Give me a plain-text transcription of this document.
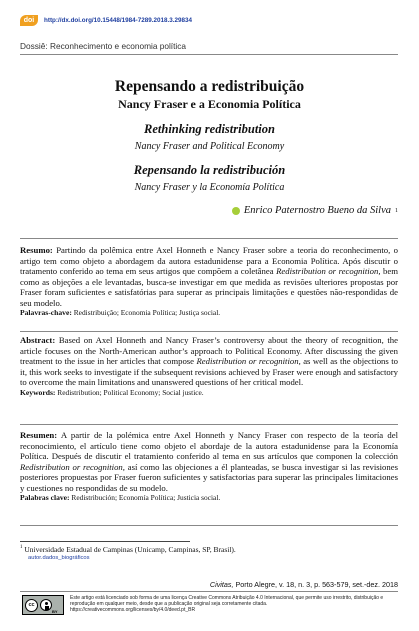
doi	http://dx.doi.org/10.15448/1984-7289.2018.3.29834
Dossiê: Reconhecimento e economia política
Repensando a redistribuição
Nancy Fraser e a Economia Política
Rethinking redistribution
Nancy Fraser and Political Economy
Repensando la redistribución
Nancy Fraser y la Economía Política
Enrico Paternostro Bueno da Silva 1
Resumo: Partindo da polêmica entre Axel Honneth e Nancy Fraser sobre a teoria do reconhecimento, o artigo tem como objeto a abordagem da autora estadunidense para a Economia Política. Após discutir o tratamento conferido ao tema em seus artigos que compõem a coletânea Redistribution or recognition, bem como as objeções a ele levantadas, busca-se investigar em que medida as revisões ulteriores propostas por Fraser foram suficientes e satisfatórias para superar as principais limitações e questões não-respondidas de seu modelo.
Palavras-chave: Redistribuição; Economia Política; Justiça social.
Abstract: Based on Axel Honneth and Nancy Fraser’s controversy about the theory of recognition, the article focuses on the North-American author’s approach to Political Economy. After discussing the given treatment to the issue in her articles that compose Redistribution or recognition, as well as the objections to it, this work seeks to investigate if the subsequent revisions achieved by Fraser were enough and satisfactory to overcome the main limitations and unanswered questions of her critical model.
Keywords: Redistribution; Political Economy; Social justice.
Resumen: A partir de la polémica entre Axel Honneth y Nancy Fraser con respecto de la teoría del reconocimiento, el artículo tiene como objeto el abordaje de la autora estadunidense para la Economía Política. Después de discutir el tratamiento conferido al tema en sus artículos que componen la colección Redistribution or recognition, así como las objeciones a él planteadas, se busca investigar si las revisiones posteriores propuestas por Fraser fueron suficientes y satisfactorias para superar las principales limitaciones y cuestiones no respondidas de su modelo.
Palabras clave: Redistribución; Economía Política; Justicia social.
$^1$ Universidade Estadual de Campinas (Unicamp, Campinas, SP, Brasil).
autor.dados_biográficos
Civitas, Porto Alegre, v. 18, n. 3, p. 563-579, set.-dez. 2018
cc
BY
Este artigo está licenciado sob forma de uma licença Creative Commons Atribuição 4.0 Internacional, que permite uso irrestrito, distribuição e reprodução em qualquer meio, desde que a publicação original seja corretamente citada. https://creativecommons.org/licenses/by/4.0/deed.pt_BR
